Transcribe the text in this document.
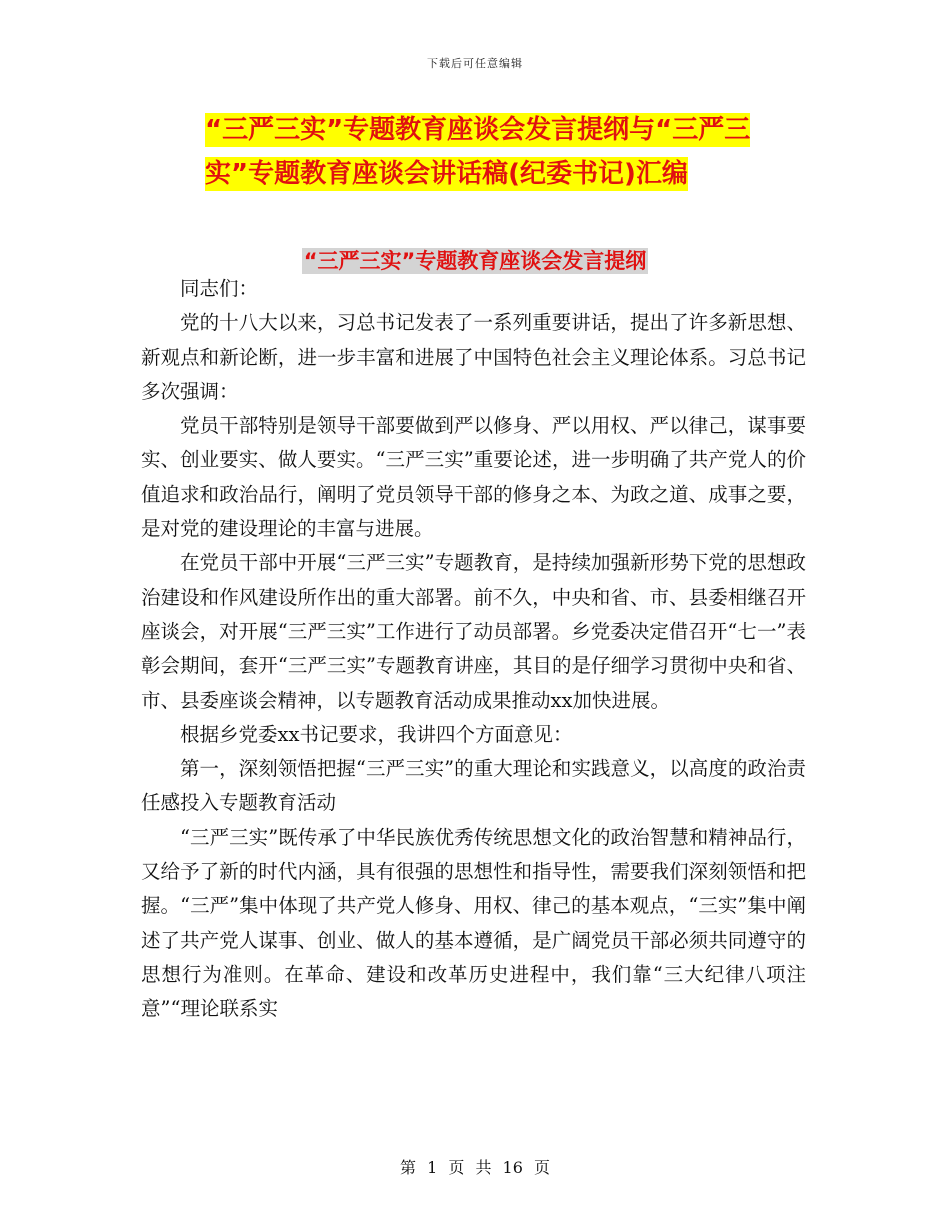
下载后可任意编辑
“三严三实”专题教育座谈会发言提纲与“三严三实”专题教育座谈会讲话稿(纪委书记)汇编
“三严三实”专题教育座谈会发言提纲

同志们：

党的十八大以来，习总书记发表了一系列重要讲话，提出了许多新思想、新观点和新论断，进一步丰富和进展了中国特色社会主义理论体系。习总书记多次强调：

党员干部特别是领导干部要做到严以修身、严以用权、严以律己，谋事要实、创业要实、做人要实。“三严三实”重要论述，进一步明确了共产党人的价值追求和政治品行，阐明了党员领导干部的修身之本、为政之道、成事之要，是对党的建设理论的丰富与进展。

在党员干部中开展“三严三实”专题教育，是持续加强新形势下党的思想政治建设和作风建设所作出的重大部署。前不久，中央和省、市、县委相继召开座谈会，对开展“三严三实”工作进行了动员部署。乡党委决定借召开“七一”表彰会期间，套开“三严三实”专题教育讲座，其目的是仔细学习贯彻中央和省、市、县委座谈会精神，以专题教育活动成果推动xx加快进展。

根据乡党委xx书记要求，我讲四个方面意见：

第一，深刻领悟把握“三严三实”的重大理论和实践意义，以高度的政治责任感投入专题教育活动

“三严三实”既传承了中华民族优秀传统思想文化的政治智慧和精神品行，又给予了新的时代内涵，具有很强的思想性和指导性，需要我们深刻领悟和把握。“三严”集中体现了共产党人修身、用权、律己的基本观点，“三实”集中阐述了共产党人谋事、创业、做人的基本遵循，是广阔党员干部必须共同遵守的思想行为准则。在革命、建设和改革历史进程中，我们靠“三大纪律八项注意”“理论联系实

第 1 页 共 16 页
